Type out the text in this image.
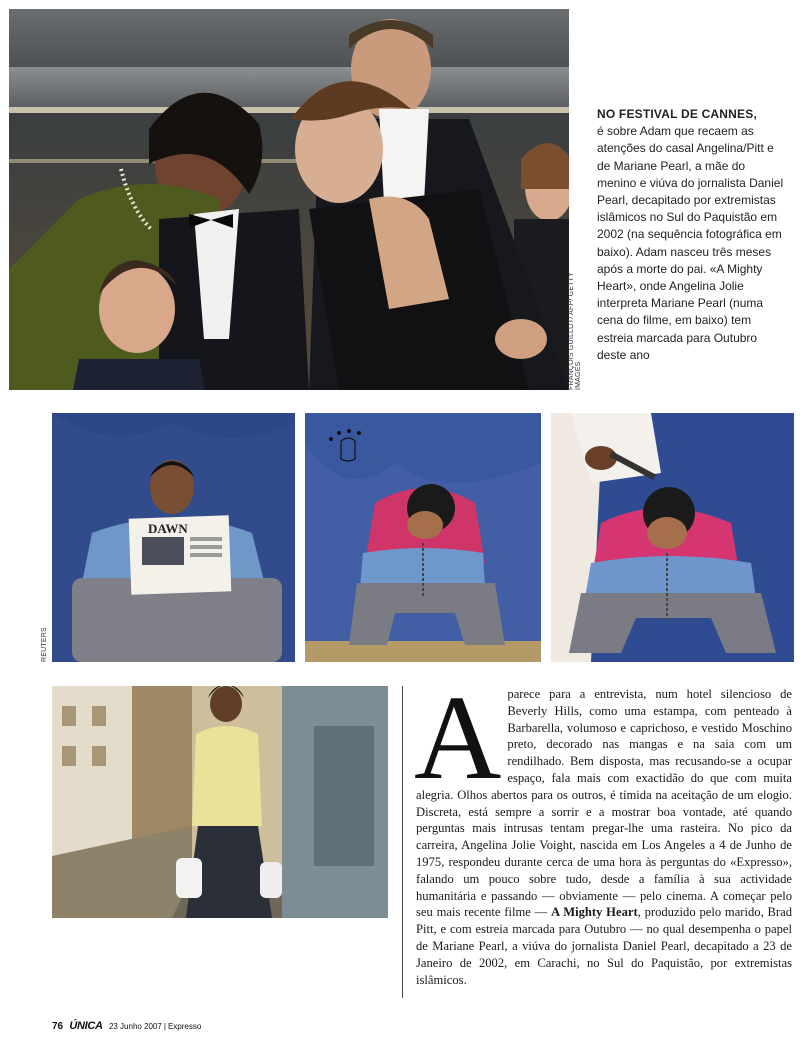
FRANÇOIS GUILLOT/ AFP/ GETTY IMAGES
NO FESTIVAL DE CANNES,
é sobre Adam que recaem as atenções do casal Angelina/Pitt e de Mariane Pearl, a mãe do menino e viúva do jornalista Daniel Pearl, decapitado por extremistas islâmicos no Sul do Paquistão em 2002 (na sequência fotográfica em baixo). Adam nasceu três meses após a morte do pai. «A Mighty Heart», onde Angelina Jolie interpreta Mariane Pearl (numa cena do filme, em baixo) tem estreia marcada para Outubro deste ano
DAWN
REUTERS
Aparece para a entrevista, num hotel silencioso de Beverly Hills, como uma estampa, com penteado à Barbarella, volumoso e caprichoso, e vestido Moschino preto, decorado nas mangas e na saia com um rendilhado. Bem disposta, mas recusando-se a ocupar espaço, fala mais com exactidão do que com muita alegria. Olhos abertos para os outros, é tímida na aceitação de um elogio. Discreta, está sempre a sorrir e a mostrar boa vontade, até quando perguntas mais intrusas tentam pregar-lhe uma rasteira. No pico da carreira, Angelina Jolie Voight, nascida em Los Angeles a 4 de Junho de 1975, respondeu durante cerca de uma hora às perguntas do «Expresso», falando um pouco sobre tudo, desde a família à sua actividade humanitária e passando — obviamente — pelo cinema. A começar pelo seu mais recente filme — A Mighty Heart, produzido pelo marido, Brad Pitt, e com estreia marcada para Outubro — no qual desempenha o papel de Mariane Pearl, a viúva do jornalista Daniel Pearl, decapitado a 23 de Janeiro de 2002, em Carachi, no Sul do Paquistão, por extremistas islâmicos.
76 ÚNICA 23 Junho 2007 | Expresso
